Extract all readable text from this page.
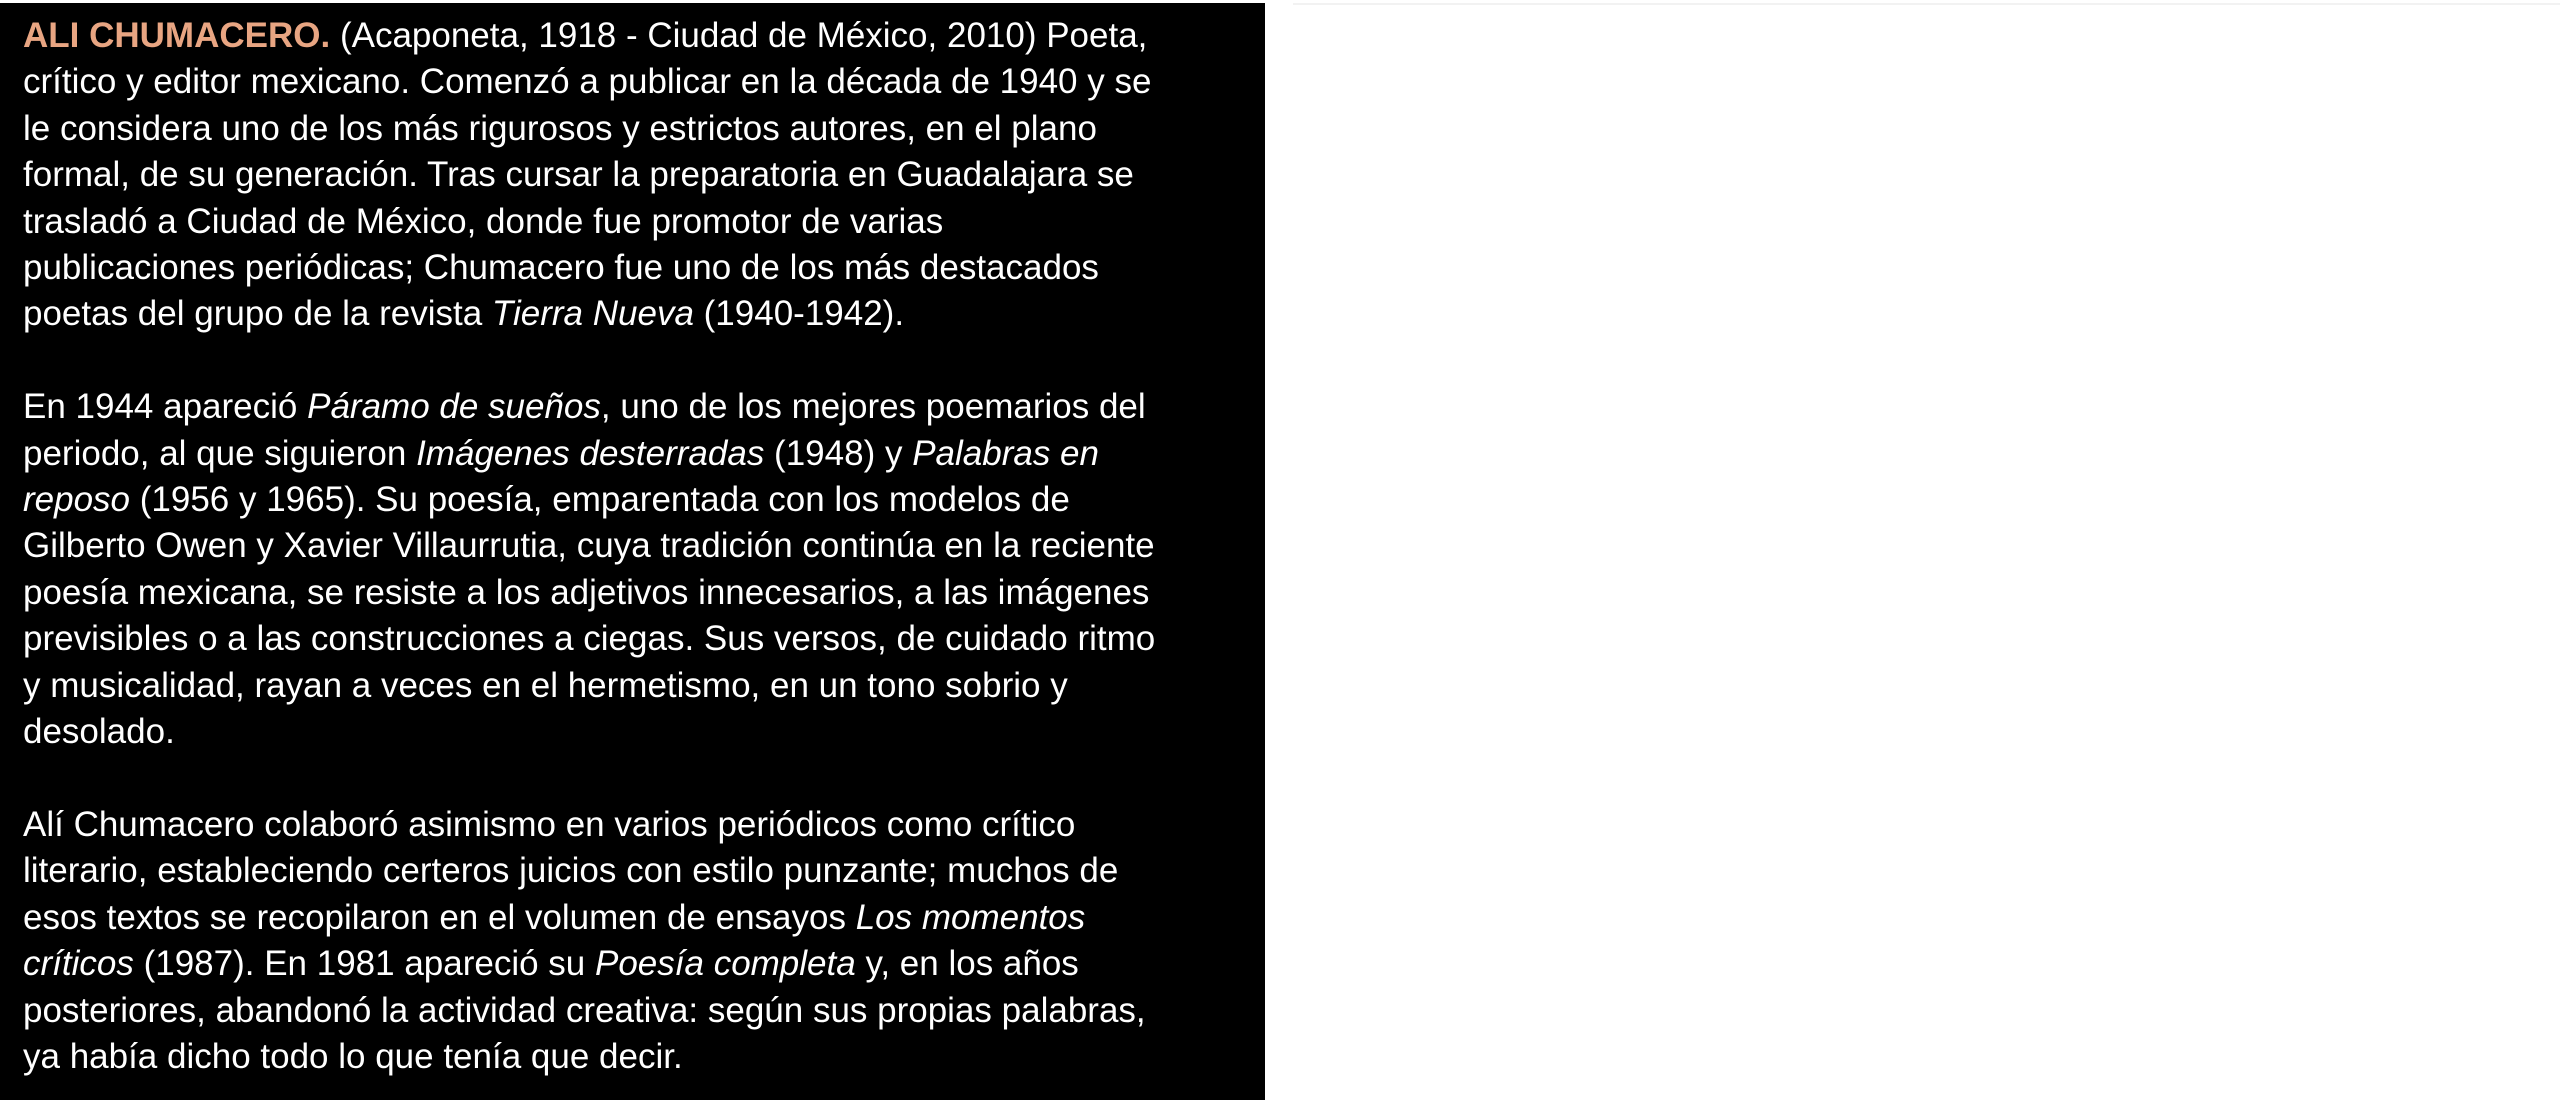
ALI CHUMACERO. (Acaponeta, 1918 - Ciudad de México, 2010) Poeta,
crítico y editor mexicano. Comenzó a publicar en la década de 1940 y se
le considera uno de los más rigurosos y estrictos autores, en el plano
formal, de su generación. Tras cursar la preparatoria en Guadalajara se
trasladó a Ciudad de México, donde fue promotor de varias
publicaciones periódicas; Chumacero fue uno de los más destacados
poetas del grupo de la revista Tierra Nueva (1940-1942).

En 1944 apareció Páramo de sueños, uno de los mejores poemarios del
periodo, al que siguieron Imágenes desterradas (1948) y Palabras en
reposo (1956 y 1965). Su poesía, emparentada con los modelos de
Gilberto Owen y Xavier Villaurrutia, cuya tradición continúa en la reciente
poesía mexicana, se resiste a los adjetivos innecesarios, a las imágenes
previsibles o a las construcciones a ciegas. Sus versos, de cuidado ritmo
y musicalidad, rayan a veces en el hermetismo, en un tono sobrio y
desolado.

Alí Chumacero colaboró asimismo en varios periódicos como crítico
literario, estableciendo certeros juicios con estilo punzante; muchos de
esos textos se recopilaron en el volumen de ensayos Los momentos
críticos (1987). En 1981 apareció su Poesía completa y, en los años
posteriores, abandonó la actividad creativa: según sus propias palabras,
ya había dicho todo lo que tenía que decir.
